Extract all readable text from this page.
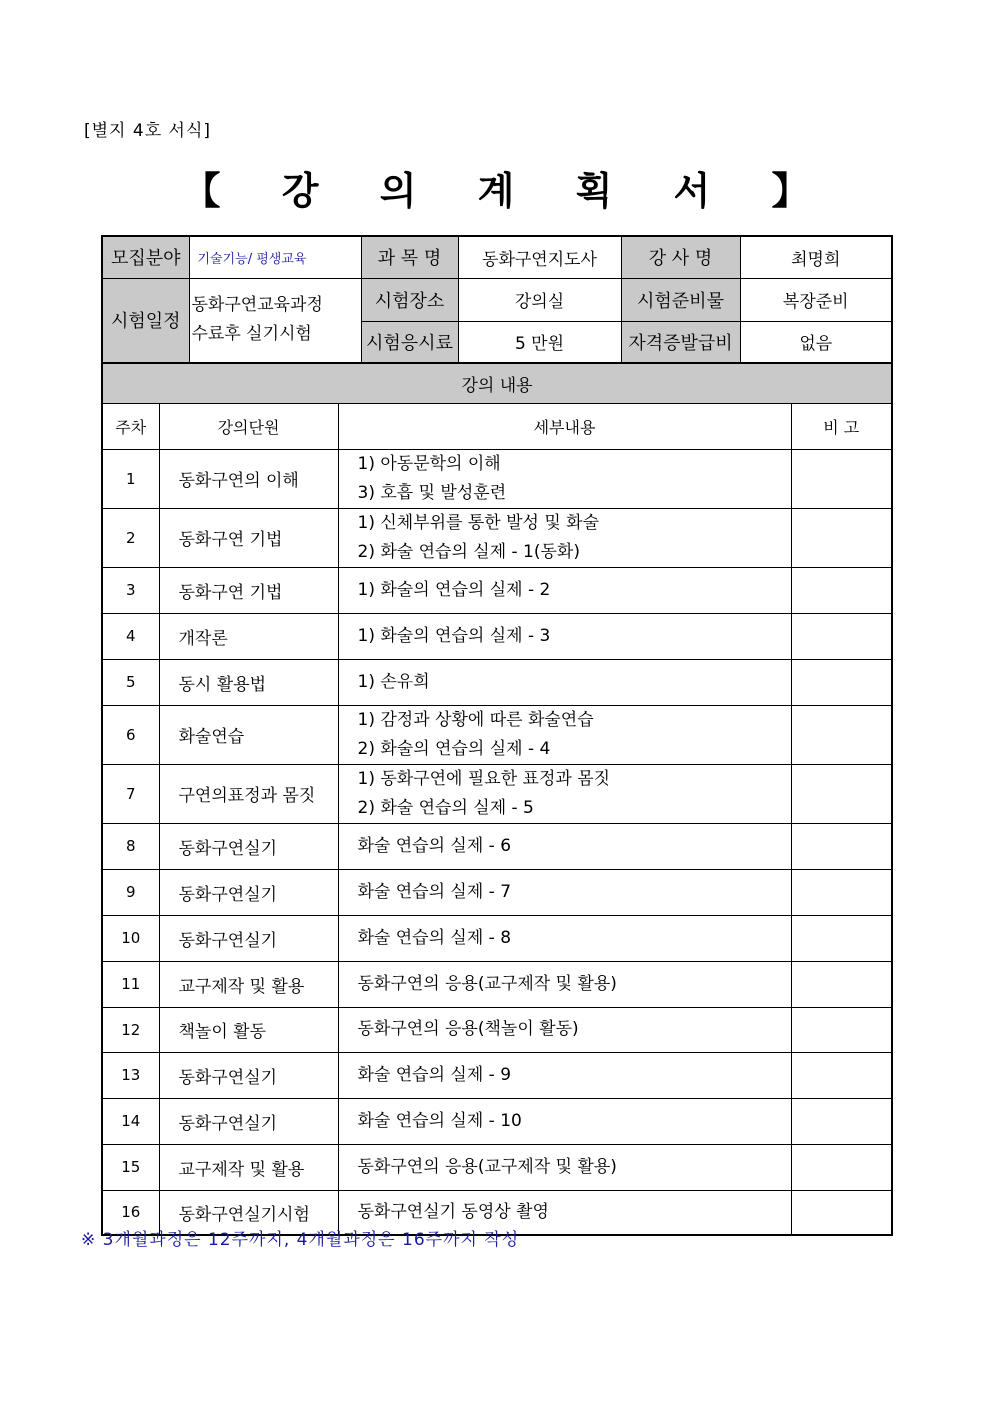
[별지 4호 서식]
【 강 의 계 획 서 】
모집분야	기술기능/ 평생교육	과 목 명	동화구연지도사	강 사 명	최명희
시험일정	동화구연교육과정
수료후 실기시험	시험장소	강의실	시험준비물	복장준비
		시험응시료	5 만원	자격증발급비	없음
강의 내용			
주차	강의단원	세부내용	비 고
1	동화구연의 이해	1) 아동문학의 이해
3) 호흡 및 발성훈련	

2	동화구연 기법	1) 신체부위를 통한 발성 및 화술
2) 화술 연습의 실제 - 1(동화)	

3	동화구연 기법	1) 화술의 연습의 실제 - 2	

4	개작론	1) 화술의 연습의 실제 - 3	

5	동시 활용법	1) 손유희	

6	화술연습	1) 감정과 상황에 따른 화술연습
2) 화술의 연습의 실제 - 4	

7	구연의표정과 몸짓	1) 동화구연에 필요한 표정과 몸짓
2) 화술 연습의 실제 - 5	

8	동화구연실기	화술 연습의 실제 - 6	

9	동화구연실기	화술 연습의 실제 - 7	

10	동화구연실기	화술 연습의 실제 - 8	

11	교구제작 및 활용	동화구연의 응용(교구제작 및 활용)	

12	책놀이 활동	동화구연의 응용(책놀이 활동)	

13	동화구연실기	화술 연습의 실제 - 9	

14	동화구연실기	화술 연습의 실제 - 10	

15	교구제작 및 활용	동화구연의 응용(교구제작 및 활용)	

16	동화구연실기시험	동화구연실기 동영상 촬영	

※ 3개월과정은 12주까지, 4개월과정은 16주까지 작성
